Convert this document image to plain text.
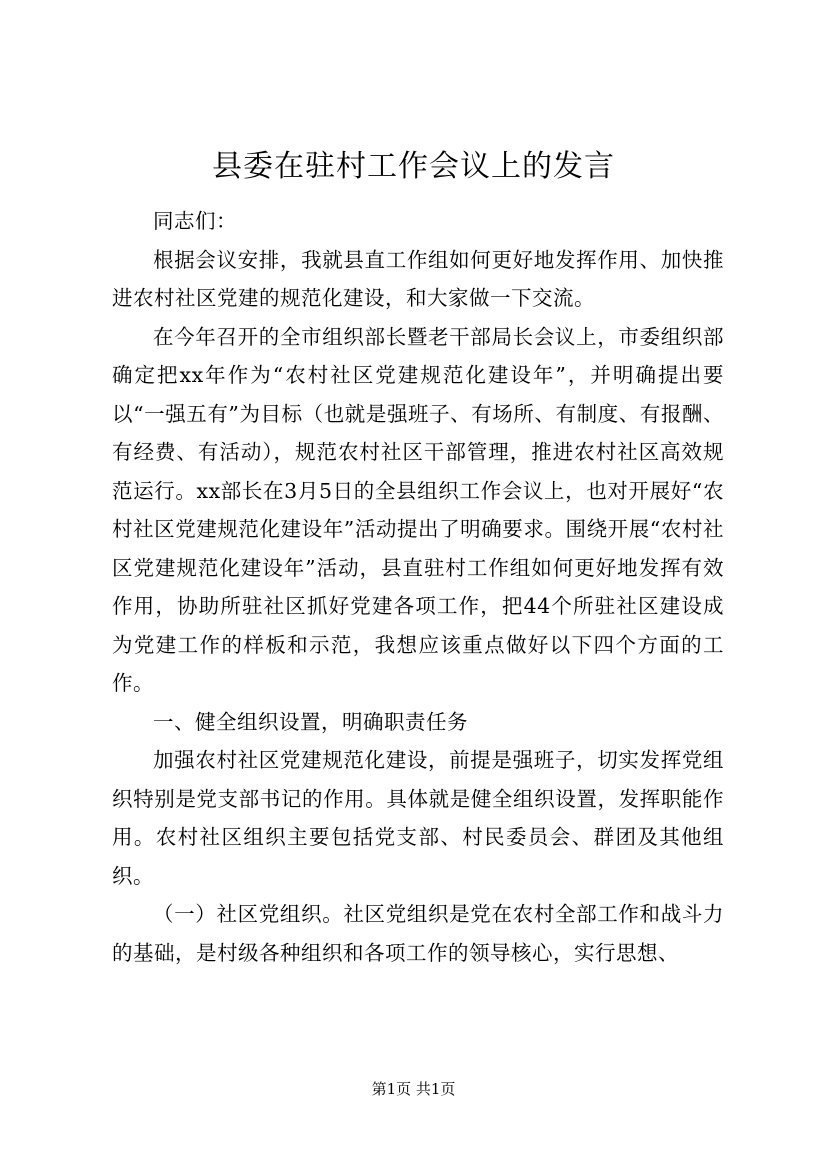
县委在驻村工作会议上的发言

同志们：

根据会议安排，我就县直工作组如何更好地发挥作用、加快推进农村社区党建的规范化建设，和大家做一下交流。

在今年召开的全市组织部长暨老干部局长会议上，市委组织部确定把xx年作为“农村社区党建规范化建设年”，并明确提出要以“一强五有”为目标（也就是强班子、有场所、有制度、有报酬、有经费、有活动），规范农村社区干部管理，推进农村社区高效规范运行。xx部长在3月5日的全县组织工作会议上，也对开展好“农村社区党建规范化建设年”活动提出了明确要求。围绕开展“农村社区党建规范化建设年”活动，县直驻村工作组如何更好地发挥有效作用，协助所驻社区抓好党建各项工作，把44个所驻社区建设成为党建工作的样板和示范，我想应该重点做好以下四个方面的工作。

一、健全组织设置，明确职责任务

加强农村社区党建规范化建设，前提是强班子，切实发挥党组织特别是党支部书记的作用。具体就是健全组织设置，发挥职能作用。农村社区组织主要包括党支部、村民委员会、群团及其他组织。

（一）社区党组织。社区党组织是党在农村全部工作和战斗力的基础，是村级各种组织和各项工作的领导核心，实行思想、

第1页 共1页
